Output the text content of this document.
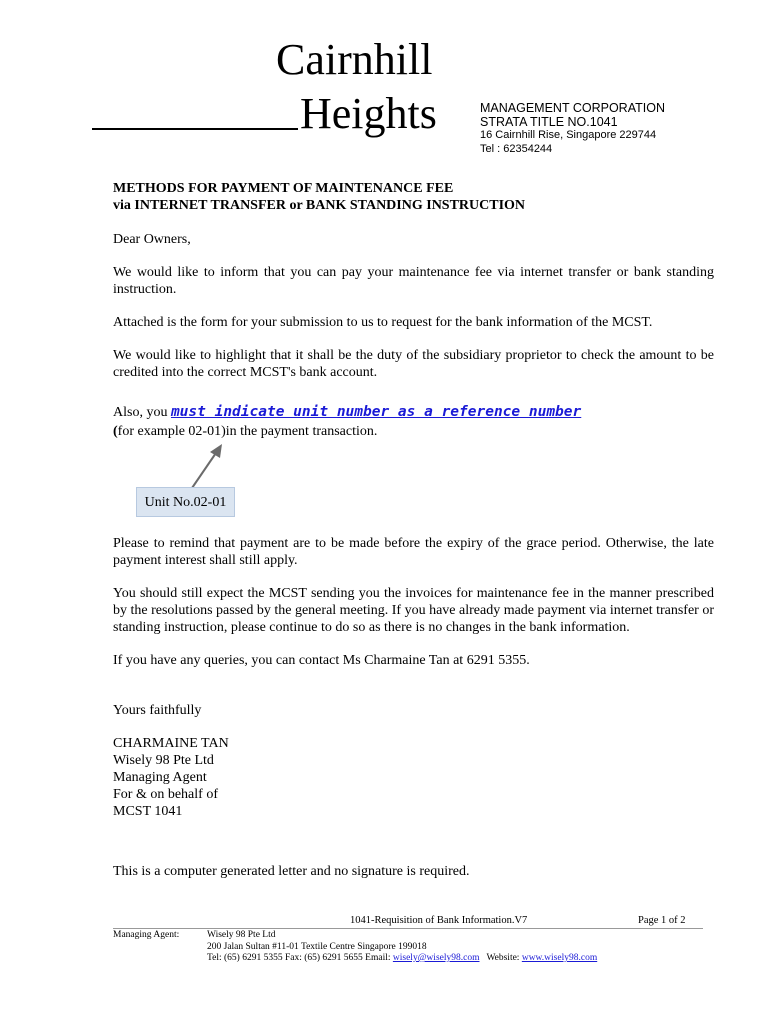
Cairnhill
Heights	MANAGEMENT CORPORATION
STRATA TITLE NO.1041
16 Cairnhill Rise, Singapore 229744
Tel : 62354244
METHODS FOR PAYMENT OF MAINTENANCE FEE
via INTERNET TRANSFER or BANK STANDING INSTRUCTION

Dear Owners,

We would like to inform that you can pay your maintenance fee via internet transfer or bank standing instruction.

Attached is the form for your submission to us to request for the bank information of the MCST.

We would like to highlight that it shall be the duty of the subsidiary proprietor to check the amount to be credited into the correct MCST's bank account.

Also, you must indicate unit number as a reference number
(for example 02-01)in the payment transaction.

Please to remind that payment are to be made before the expiry of the grace period. Otherwise, the late payment interest shall still apply.

You should still expect the MCST sending you the invoices for maintenance fee in the manner prescribed by the resolutions passed by the general meeting. If you have already made payment via internet transfer or standing instruction, please continue to do so as there is no changes in the bank information.

If you have any queries, you can contact Ms Charmaine Tan at 6291 5355.

Yours faithfully

CHARMAINE TAN
Wisely 98 Pte Ltd
Managing Agent
For & on behalf of
MCST 1041

This is a computer generated letter and no signature is required.

Unit No.02-01
1041-Requisition of Bank Information.V7	Page 1 of 2
Managing Agent:	Wisely 98 Pte Ltd
200 Jalan Sultan #11-01 Textile Centre Singapore 199018
Tel: (65) 6291 5355 Fax: (65) 6291 5655 Email: wisely@wisely98.com   Website: www.wisely98.com
